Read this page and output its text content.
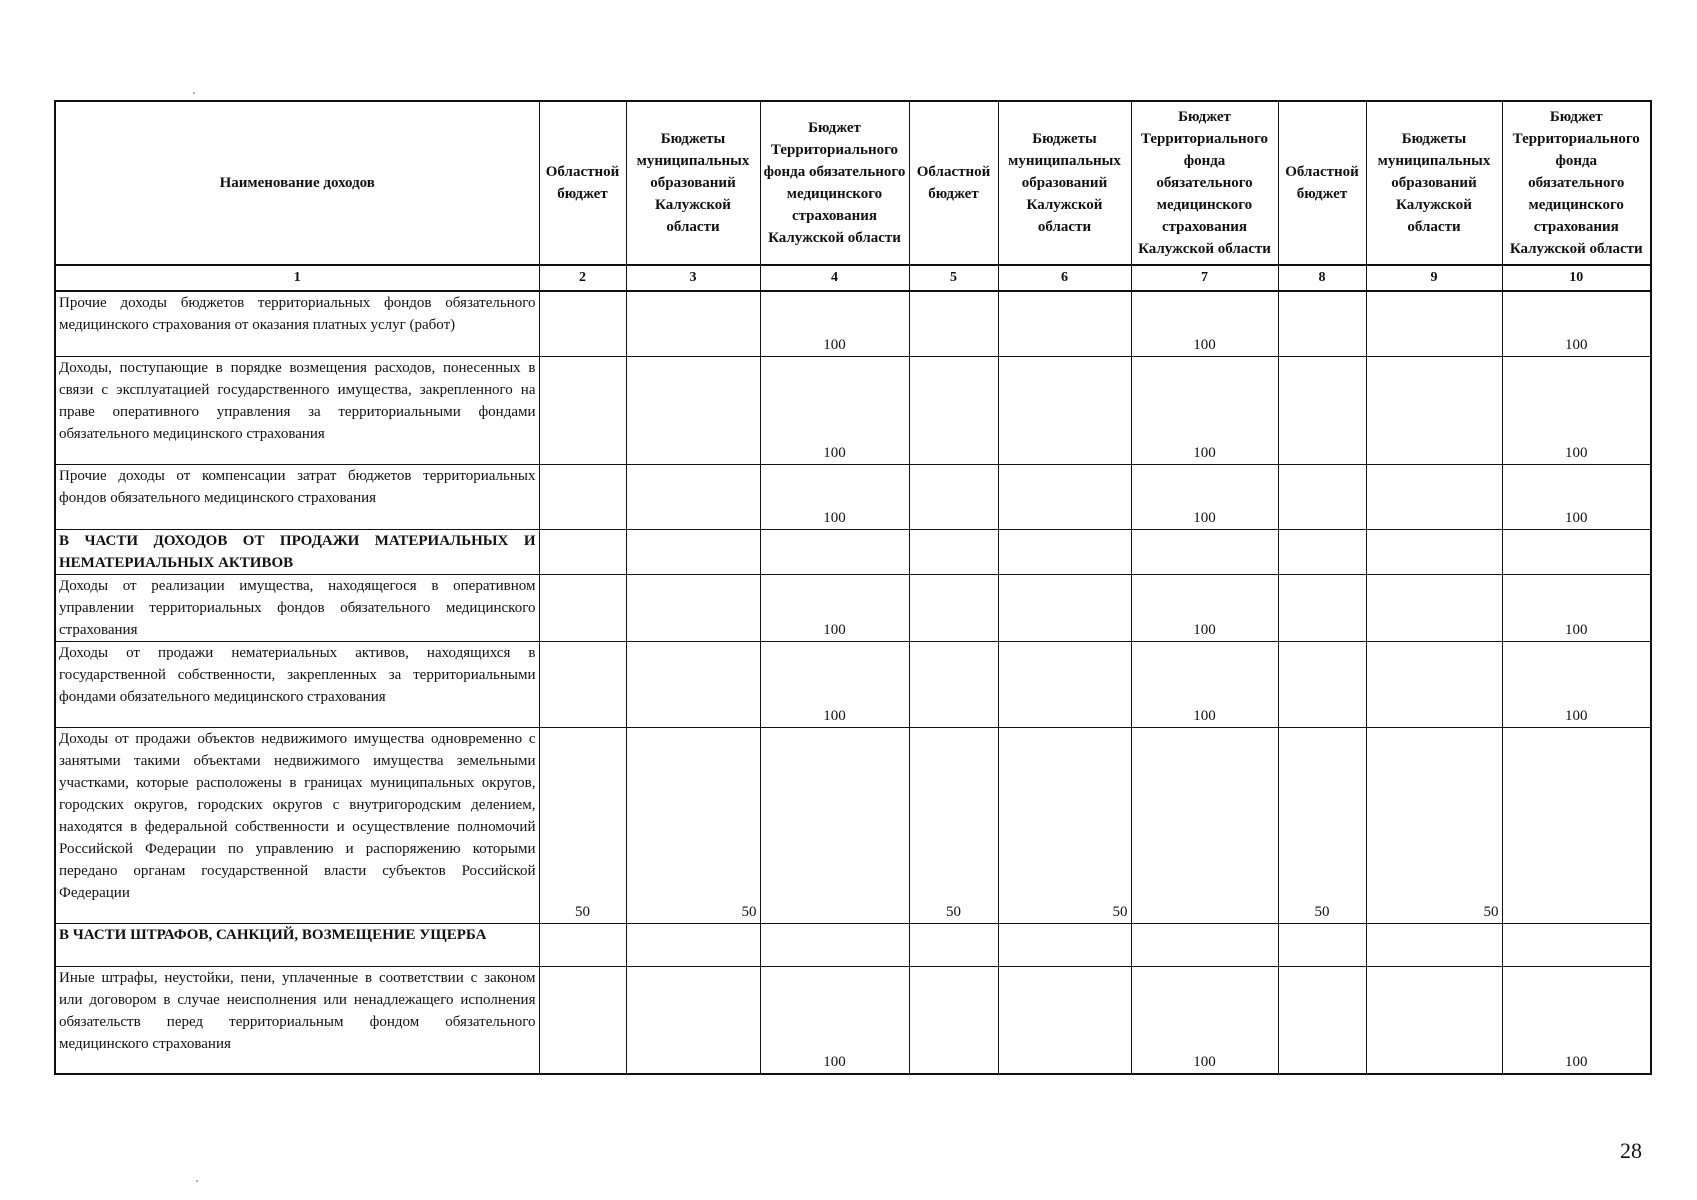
Наименование доходов	Областной бюджет	Бюджеты муниципальных образований Калужской области	Бюджет Территориального фонда обязательного медицинского страхования Калужской области	Областной бюджет	Бюджеты муниципальных образований Калужской области	Бюджет Территориального фонда обязательного медицинского страхования Калужской области	Областной бюджет	Бюджеты муниципальных образований Калужской области	Бюджет Территориального фонда обязательного медицинского страхования Калужской области
1	2	3	4	5	6	7	8	9	10
Прочие доходы бюджетов территориальных фондов обязательного медицинского страхования от оказания платных услуг (работ)			100			100			100
Доходы, поступающие в порядке возмещения расходов, понесенных в связи с эксплуатацией государственного имущества, закрепленного на праве оперативного управления за территориальными фондами обязательного медицинского страхования			100			100			100
Прочие доходы от компенсации затрат бюджетов территориальных фондов обязательного медицинского страхования			100			100			100
В ЧАСТИ ДОХОДОВ ОТ ПРОДАЖИ МАТЕРИАЛЬНЫХ И НЕМАТЕРИАЛЬНЫХ АКТИВОВ									
Доходы от реализации имущества, находящегося в оперативном управлении территориальных фондов обязательного медицинского страхования			100			100			100
Доходы от продажи нематериальных активов, находящихся в государственной собственности, закрепленных за территориальными фондами обязательного медицинского страхования			100			100			100
Доходы от продажи объектов недвижимого имущества одновременно с занятыми такими объектами недвижимого имущества земельными участками, которые расположены в границах муниципальных округов, городских округов, городских округов с внутригородским делением, находятся в федеральной собственности и осуществление полномочий Российской Федерации по управлению и распоряжению которыми передано органам государственной власти субъектов Российской Федерации	50	50		50	50		50	50	
В ЧАСТИ ШТРАФОВ, САНКЦИЙ, ВОЗМЕЩЕНИЕ УЩЕРБА									
Иные штрафы, неустойки, пени, уплаченные в соответствии с законом или договором в случае неисполнения или ненадлежащего исполнения обязательств перед территориальным фондом обязательного медицинского страхования			100			100			100
28
